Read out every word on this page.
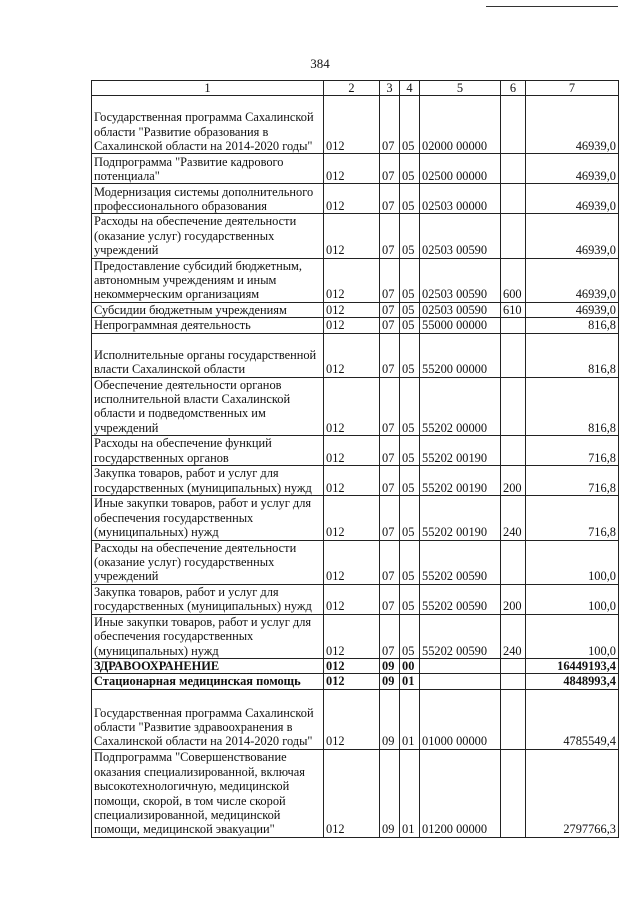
384
1	2	3	4	5	6	7
Государственная программа Сахалинской области "Развитие образования в Сахалинской области на 2014-2020 годы"	012	07	05	02000 00000		46939,0
Подпрограмма "Развитие кадрового потенциала"	012	07	05	02500 00000		46939,0
Модернизация системы дополнительного профессионального образования	012	07	05	02503 00000		46939,0
Расходы на обеспечение деятельности (оказание услуг) государственных учреждений	012	07	05	02503 00590		46939,0
Предоставление субсидий бюджетным, автономным учреждениям и иным некоммерческим организациям	012	07	05	02503 00590	600	46939,0
Субсидии бюджетным учреждениям	012	07	05	02503 00590	610	46939,0
Непрограммная деятельность	012	07	05	55000 00000		816,8
Исполнительные органы государственной власти Сахалинской области	012	07	05	55200 00000		816,8
Обеспечение деятельности органов исполнительной власти Сахалинской области и подведомственных им учреждений	012	07	05	55202 00000		816,8
Расходы на обеспечение функций государственных органов	012	07	05	55202 00190		716,8
Закупка товаров, работ и услуг для государственных (муниципальных) нужд	012	07	05	55202 00190	200	716,8
Иные закупки товаров, работ и услуг для обеспечения государственных (муниципальных) нужд	012	07	05	55202 00190	240	716,8
Расходы на обеспечение деятельности (оказание услуг) государственных учреждений	012	07	05	55202 00590		100,0
Закупка товаров, работ и услуг для государственных (муниципальных) нужд	012	07	05	55202 00590	200	100,0
Иные закупки товаров, работ и услуг для обеспечения государственных (муниципальных) нужд	012	07	05	55202 00590	240	100,0
ЗДРАВООХРАНЕНИЕ	012	09	00			16449193,4
Стационарная медицинская помощь	012	09	01			4848993,4
Государственная программа Сахалинской области "Развитие здравоохранения в Сахалинской области на 2014-2020 годы"	012	09	01	01000 00000		4785549,4
Подпрограмма "Совершенствование оказания специализированной, включая высокотехнологичную, медицинской помощи, скорой, в том числе скорой специализированной, медицинской помощи, медицинской эвакуации"	012	09	01	01200 00000		2797766,3
